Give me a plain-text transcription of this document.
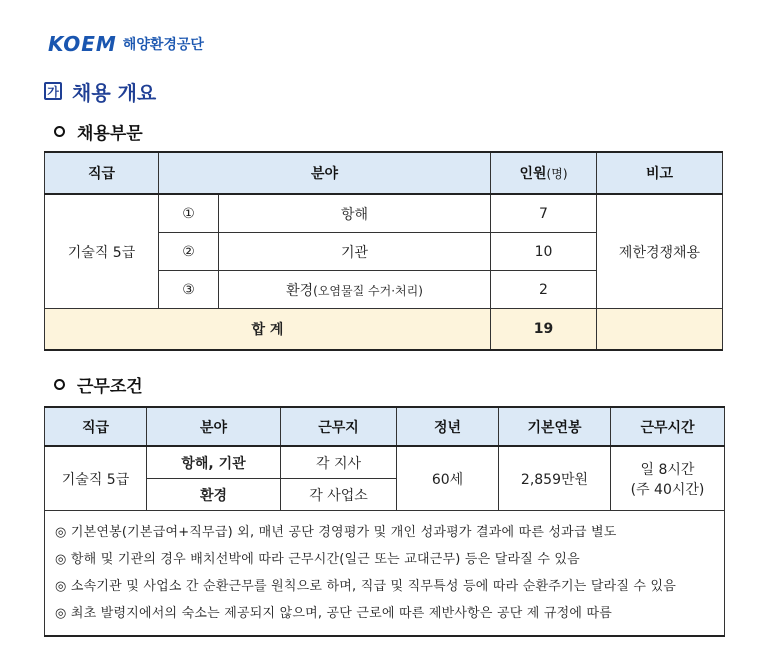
KOEM 해양환경공단
가 채용 개요
채용부문
직급	분야		인원(명)	비고
기술직 5급	①	항해	7	제한경쟁채용
	②	기관	10	
	③	환경(오염물질 수거·처리)	2	
합 계			19	
근무조건
직급	분야	근무지	정년	기본연봉	근무시간
기술직 5급	항해, 기관	각 지사	60세	2,859만원	일 8시간
(주 40시간)

	환경	각 사업소			

◎ 기본연봉(기본급여+직무급) 외, 매년 공단 경영평가 및 개인 성과평가 결과에 따른 성과급 별도
◎ 항해 및 기관의 경우 배치선박에 따라 근무시간(일근 또는 교대근무) 등은 달라질 수 있음
◎ 소속기관 및 사업소 간 순환근무를 원칙으로 하며, 직급 및 직무특성 등에 따라 순환주기는 달라질 수 있음
◎ 최초 발령지에서의 숙소는 제공되지 않으며, 공단 근로에 따른 제반사항은 공단 제 규정에 따름					
